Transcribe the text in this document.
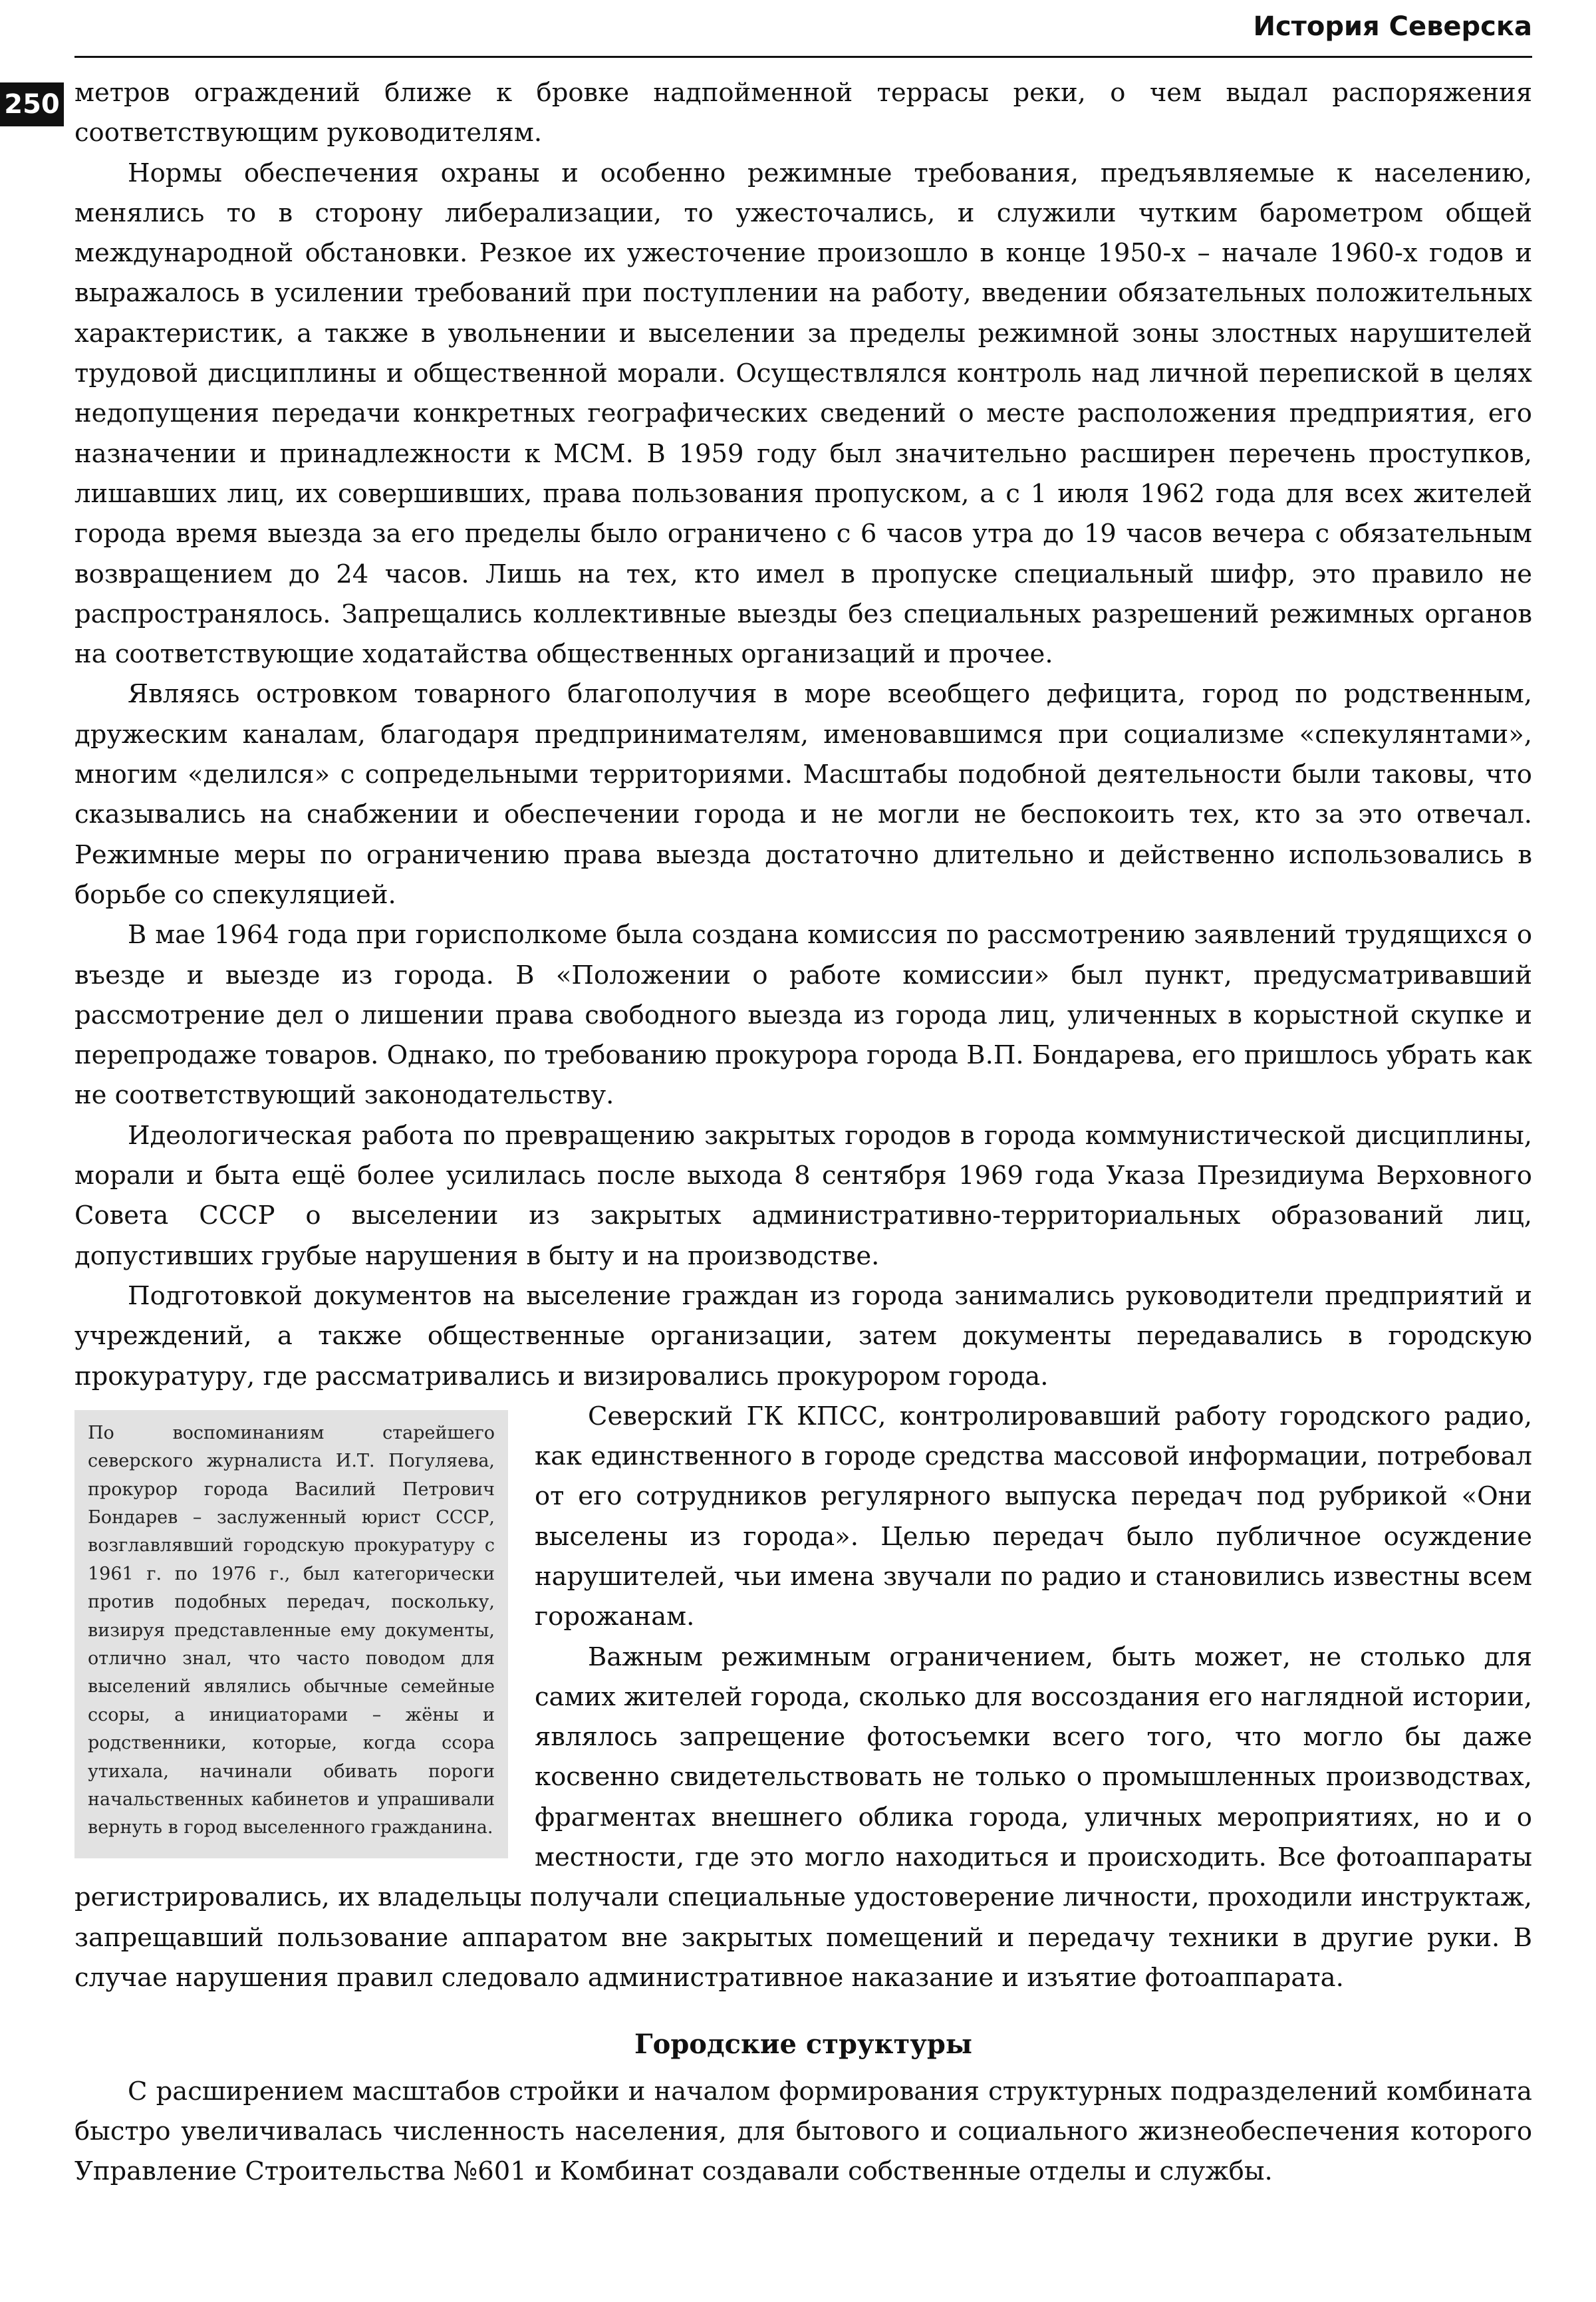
История Северска
250 метров ограждений ближе к бровке надпойменной террасы реки, о чем выдал распоряжения соответствующим руководителям.

Нормы обеспечения охраны и особенно режимные требования, предъявляемые к населению, менялись то в сторону либерализации, то ужесточались, и служили чутким барометром общей международной обстановки. Резкое их ужесточение произошло в конце 1950-х – начале 1960-х годов и выражалось в усилении требований при поступлении на работу, введении обязательных положительных характеристик, а также в увольнении и выселении за пределы режимной зоны злостных нарушителей трудовой дисциплины и общественной морали. Осуществлялся контроль над личной перепиской в целях недопущения передачи конкретных географических сведений о месте расположения предприятия, его назначении и принадлежности к МСМ. В 1959 году был значительно расширен перечень проступков, лишавших лиц, их совершивших, права пользования пропуском, а с 1 июля 1962 года для всех жителей города время выезда за его пределы было ограничено с 6 часов утра до 19 часов вечера с обязательным возвращением до 24 часов. Лишь на тех, кто имел в пропуске специальный шифр, это правило не распространялось. Запрещались коллективные выезды без специальных разрешений режимных органов на соответствующие ходатайства общественных организаций и прочее.

Являясь островком товарного благополучия в море всеобщего дефицита, город по родственным, дружеским каналам, благодаря предпринимателям, именовавшимся при социализме «спекулянтами», многим «делился» с сопредельными территориями. Масштабы подобной деятельности были таковы, что сказывались на снабжении и обеспечении города и не могли не беспокоить тех, кто за это отвечал. Режимные меры по ограничению права выезда достаточно длительно и действенно использовались в борьбе со спекуляцией.

В мае 1964 года при горисполкоме была создана комиссия по рассмотрению заявлений трудящихся о въезде и выезде из города. В «Положении о работе комиссии» был пункт, предусматривавший рассмотрение дел о лишении права свободного выезда из города лиц, уличенных в корыстной скупке и перепродаже товаров. Однако, по требованию прокурора города В.П. Бондарева, его пришлось убрать как не соответствующий законодательству.

Идеологическая работа по превращению закрытых городов в города коммунистической дисциплины, морали и быта ещё более усилилась после выхода 8 сентября 1969 года Указа Президиума Верховного Совета СССР о выселении из закрытых административно-территориальных образований лиц, допустивших грубые нарушения в быту и на производстве.

Подготовкой документов на выселение граждан из города занимались руководители предприятий и учреждений, а также общественные организации, затем документы передавались в городскую прокуратуру, где рассматривались и визировались прокурором города.

По воспоминаниям старейшего северского журналиста И.Т. Погуляева, прокурор города Василий Петрович Бондарев – заслуженный юрист СССР, возглавлявший городскую прокуратуру с 1961 г. по 1976 г., был категорически против подобных передач, поскольку, визируя представленные ему документы, отлично знал, что часто поводом для выселений являлись обычные семейные ссоры, а инициаторами – жёны и родственники, которые, когда ссора утихала, начинали обивать пороги начальственных кабинетов и упрашивали вернуть в город выселенного гражданина.

Северский ГК КПСС, контролировавший работу городского радио, как единственного в городе средства массовой информации, потребовал от его сотрудников регулярного выпуска передач под рубрикой «Они выселены из города». Целью передач было публичное осуждение нарушителей, чьи имена звучали по радио и становились известны всем горожанам.

Важным режимным ограничением, быть может, не столько для самих жителей города, сколько для воссоздания его наглядной истории, являлось запрещение фотосъемки всего того, что могло бы даже косвенно свидетельствовать не только о промышленных производствах, фрагментах внешнего облика города, уличных мероприятиях, но и о местности, где это могло находиться и происходить. Все фотоаппараты регистрировались, их владельцы получали специальные удостоверение личности, проходили инструктаж, запрещавший пользование аппаратом вне закрытых помещений и передачу техники в другие руки. В случае нарушения правил следовало административное наказание и изъятие фотоаппарата.

Городские структуры

С расширением масштабов стройки и началом формирования структурных подразделений комбината быстро увеличивалась численность населения, для бытового и социального жизнеобеспечения которого Управление Строительства №601 и Комбинат создавали собственные отделы и службы.
